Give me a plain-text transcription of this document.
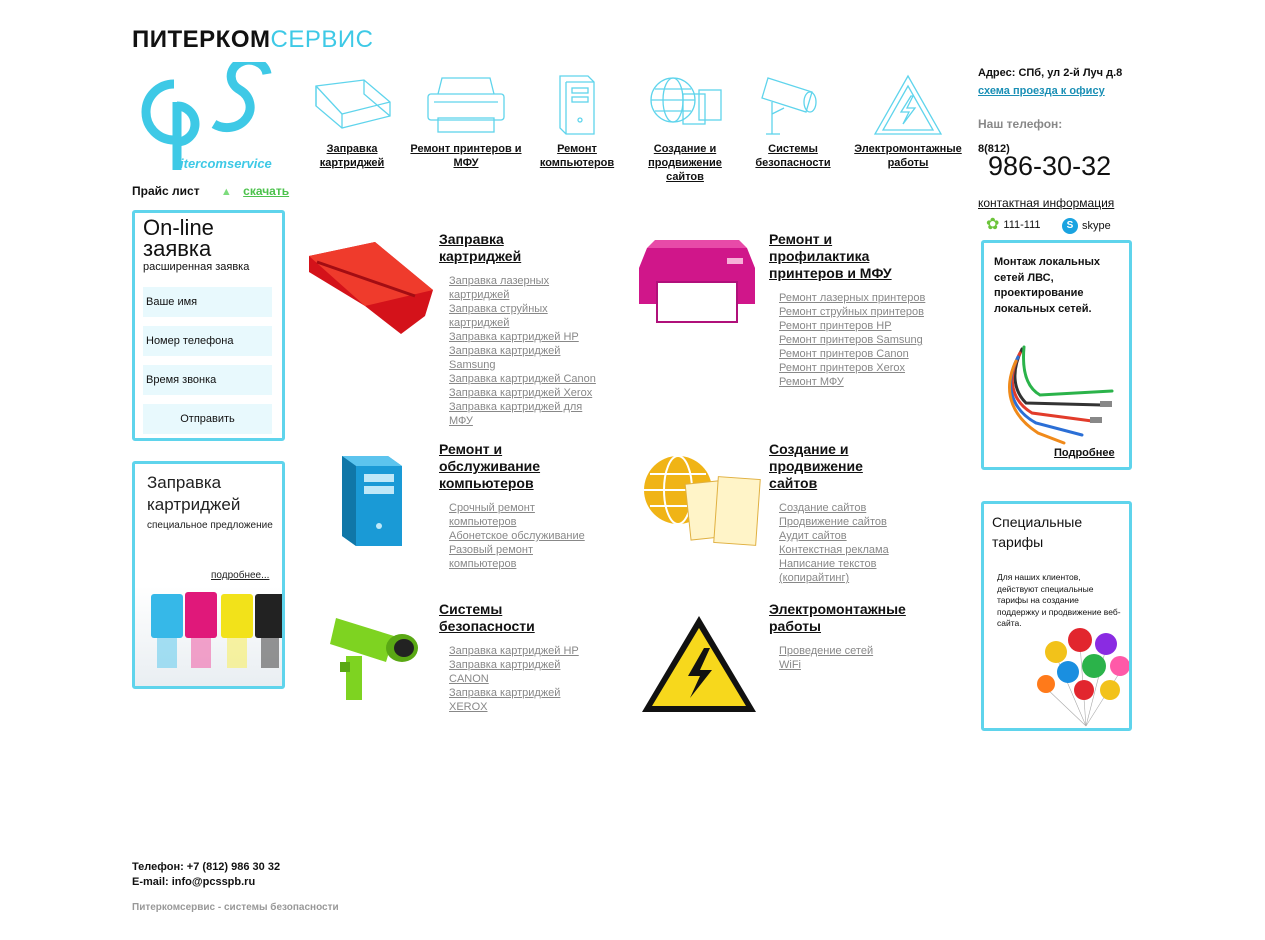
ПИТЕРКОМСЕРВИС
itercomservice
Заправка картриджей
Ремонт принтеров и МФУ
Ремонт компьютеров
Создание и продвижение сайтов
Системы безопасности
Электромонтажные работы
Прайс лист ▲ скачать
On-line заявка
расширенная заявка
Ваше имя
Номер телефона
Время звонка
Отправить
Заправка картриджей
специальное предложение
подробнее...
Заправка картриджей
Заправка лазерных картриджей
Заправка струйных картриджей
Заправка картриджей HP
Заправка картриджей Samsung
Заправка картриджей Canon
Заправка картриджей Xerox
Заправка картриджей для МФУ
Ремонт и профилактика принтеров и МФУ
Ремонт лазерных принтеров
Ремонт струйных принтеров
Ремонт принтеров HP
Ремонт принтеров Samsung
Ремонт принтеров Canon
Ремонт принтеров Xerox
Ремонт МФУ
Ремонт и обслуживание компьютеров
Срочный ремонт компьютеров
Абонетское обслуживание
Разовый ремонт компьютеров
Создание и продвижение сайтов
Создание сайтов
Продвижение сайтов
Аудит сайтов
Контекстная реклама
Написание текстов (копирайтинг)
Системы безопасности
Заправка картриджей HP
Заправка картриджей CANON
Заправка картриджей XEROX
Электромонтажные работы
Проведение сетей
WiFi
Адрес: СПб, ул 2-й Луч д.8
схема проезда к офису
Наш телефон:
8(812)
986-30-32
контактная информация
✿ 111-111	S skype
Монтаж локальных сетей ЛВС, проектирование локальных сетей.
Подробнее
Специальные тарифы
Для наших клиентов, действуют специальные тарифы на создание поддержку и продвижение веб- сайта.
Телефон: +7 (812) 986 30 32
E-mail: info@pcsspb.ru
Питеркомсервис - системы безопасности
